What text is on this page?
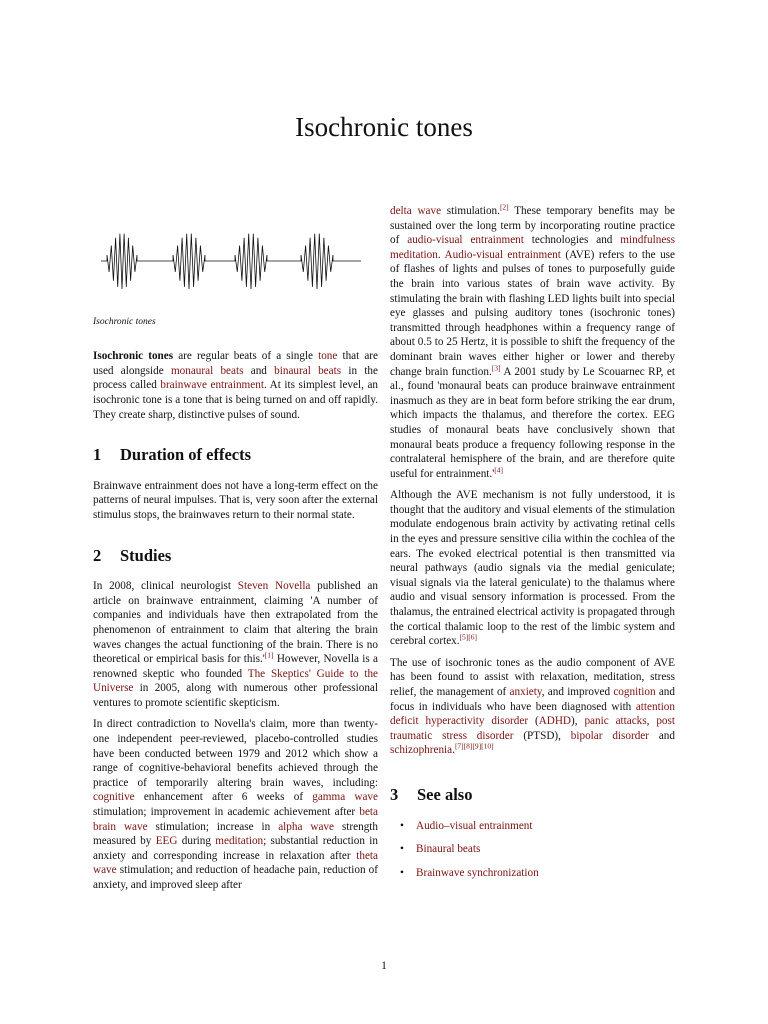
Isochronic tones
Isochronic tones

Isochronic tones are regular beats of a single tone that are used alongside monaural beats and binaural beats in the process called brainwave entrainment. At its simplest level, an isochronic tone is a tone that is being turned on and off rapidly. They create sharp, distinctive pulses of sound.

1 Duration of effects

Brainwave entrainment does not have a long-term effect on the patterns of neural impulses. That is, very soon after the external stimulus stops, the brainwaves return to their normal state.

2 Studies

In 2008, clinical neurologist Steven Novella published an article on brainwave entrainment, claiming 'A number of companies and individuals have then extrapolated from the phenomenon of entrainment to claim that altering the brain waves changes the actual functioning of the brain. There is no theoretical or empirical basis for this.'[1] However, Novella is a renowned skeptic who founded The Skeptics' Guide to the Universe in 2005, along with numerous other professional ventures to promote scientific skepticism.

In direct contradiction to Novella's claim, more than twenty-one independent peer-reviewed, placebo-controlled studies have been conducted between 1979 and 2012 which show a range of cognitive-behavioral benefits achieved through the practice of temporarily altering brain waves, including: cognitive enhancement after 6 weeks of gamma wave stimulation; improvement in academic achievement after beta brain wave stimulation; increase in alpha wave strength measured by EEG during meditation; substantial reduction in anxiety and corresponding increase in relaxation after theta wave stimulation; and reduction of headache pain, reduction of anxiety, and improved sleep after

delta wave stimulation.[2] These temporary benefits may be sustained over the long term by incorporating routine practice of audio-visual entrainment technologies and mindfulness meditation. Audio-visual entrainment (AVE) refers to the use of flashes of lights and pulses of tones to purposefully guide the brain into various states of brain wave activity. By stimulating the brain with flashing LED lights built into special eye glasses and pulsing auditory tones (isochronic tones) transmitted through headphones within a frequency range of about 0.5 to 25 Hertz, it is possible to shift the frequency of the dominant brain waves either higher or lower and thereby change brain function.[3] A 2001 study by Le Scouarnec RP, et al., found 'monaural beats can produce brainwave entrainment inasmuch as they are in beat form before striking the ear drum, which impacts the thalamus, and therefore the cortex. EEG studies of monaural beats have conclusively shown that monaural beats produce a frequency following response in the contralateral hemisphere of the brain, and are therefore quite useful for entrainment.'[4]

Although the AVE mechanism is not fully understood, it is thought that the auditory and visual elements of the stimulation modulate endogenous brain activity by activating retinal cells in the eyes and pressure sensitive cilia within the cochlea of the ears. The evoked electrical potential is then transmitted via neural pathways (audio signals via the medial geniculate; visual signals via the lateral geniculate) to the thalamus where audio and visual sensory information is processed. From the thalamus, the entrained electrical activity is propagated through the cortical thalamic loop to the rest of the limbic system and cerebral cortex.[5][6]

The use of isochronic tones as the audio component of AVE has been found to assist with relaxation, meditation, stress relief, the management of anxiety, and improved cognition and focus in individuals who have been diagnosed with attention deficit hyperactivity disorder (ADHD), panic attacks, post traumatic stress disorder (PTSD), bipolar disorder and schizophrenia.[7][8][9][10]

3 See also
• Audio–visual entrainment
• Binaural beats
• Brainwave synchronization
1
